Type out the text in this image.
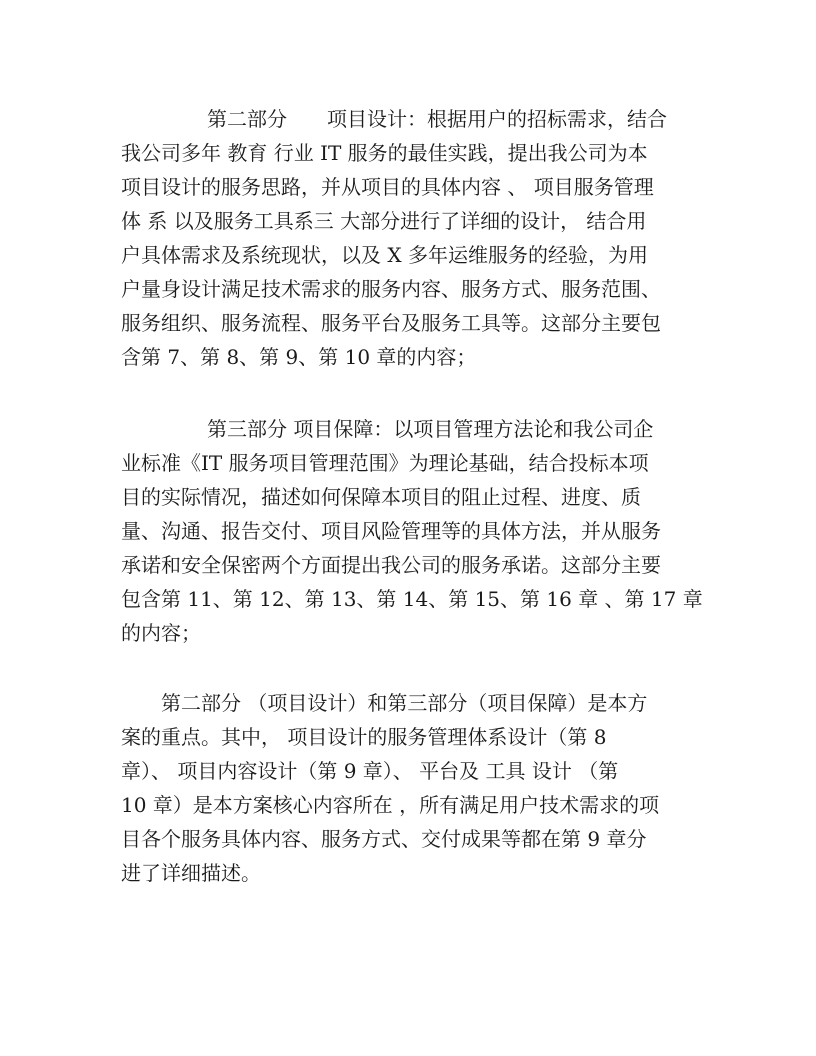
第二部分　　项目设计：根据用户的招标需求，结合
我公司多年 教育 行业 IT 服务的最佳实践，提出我公司为本
项目设计的服务思路，并从项目的具体内容 、 项目服务管理
体 系 以及服务工具系三 大部分进行了详细的设计， 结合用
户具体需求及系统现状，以及 X 多年运维服务的经验，为用
户量身设计满足技术需求的服务内容、服务方式、服务范围、
服务组织、服务流程、服务平台及服务工具等。这部分主要包
含第 7、第 8、第 9、第 10 章的内容；
第三部分 项目保障：以项目管理方法论和我公司企
业标准《IT 服务项目管理范围》为理论基础，结合投标本项
目的实际情况，描述如何保障本项目的阻止过程、进度、质
量、沟通、报告交付、项目风险管理等的具体方法，并从服务
承诺和安全保密两个方面提出我公司的服务承诺。这部分主要
包含第 11、第 12、第 13、第 14、第 15、第 16 章 、第 17 章
的内容；
第二部分 （项目设计）和第三部分（项目保障）是本方
案的重点。其中， 项目设计的服务管理体系设计（第 8
章）、 项目内容设计（第 9 章）、 平台及 工具 设计 （第
10 章）是本方案核心内容所在 ，所有满足用户技术需求的项
目各个服务具体内容、服务方式、交付成果等都在第 9 章分
进了详细描述。
